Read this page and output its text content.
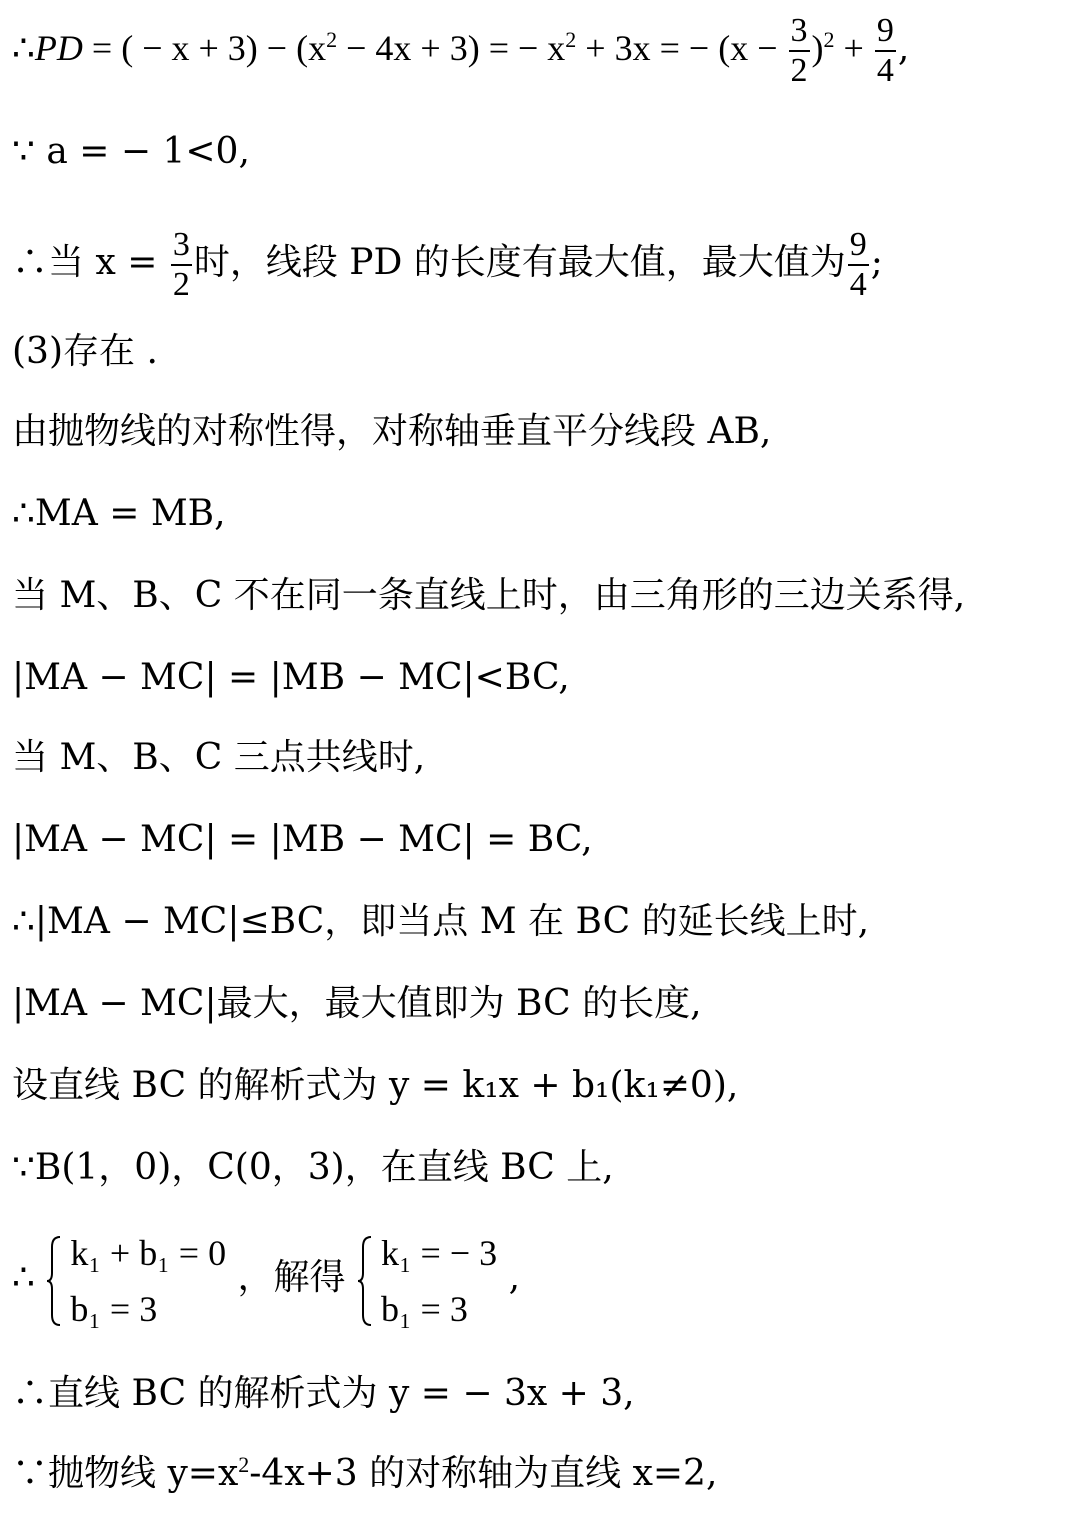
∴PD = ( − $x + 3) - (x^2 - 4x + 3)$ = − $x^2 + 3x$ = − $(x - \frac{3}{2} )^2 + \frac{9}{4}$ ,
∵ a = − 1<0,
∴当 $x = \frac{3}{2}$ 时，线段 PD 的长度有最大值，最大值为 $\frac{9}{4}$ ;
(3)存在 .
由抛物线的对称性得，对称轴垂直平分线段 AB,
∴MA = MB,
当 M、B、C 不在同一条直线上时，由三角形的三边关系得,
|MA − MC| = |MB − MC|<BC,
当 M、B、C 三点共线时,
|MA − MC| = |MB − MC| = BC,
∴|MA − MC|≤BC，即当点 M 在 BC 的延长线上时,
|MA − MC|最大，最大值即为 BC 的长度,
设直线 BC 的解析式为 y = k₁x + b₁(k₁≠0),
∵B(1，0)，C(0，3)，在直线 BC 上,
∴
k₁ + b₁ = 0
b₁ = 3
，解得
k₁ = − 3
b₁ = 3
,
∴直线 BC 的解析式为 y = − 3x + 3,
∵抛物线 $y=x^2-4x+3$ 的对称轴为直线 x=2,
